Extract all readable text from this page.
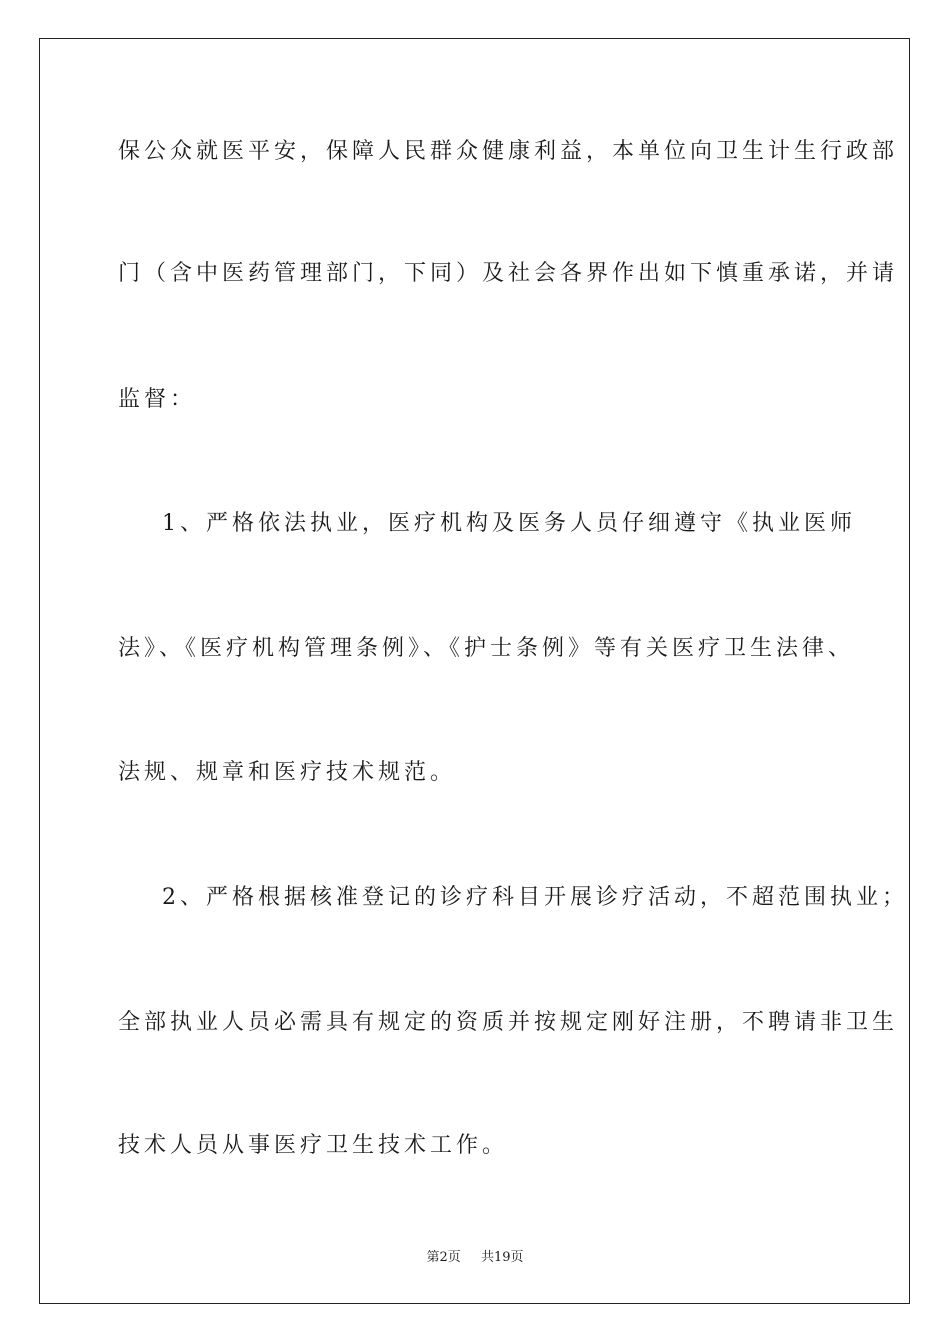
保公众就医平安，保障人民群众健康利益，本单位向卫生计生行政部

门（含中医药管理部门，下同）及社会各界作出如下慎重承诺，并请

监督：

1、严格依法执业，医疗机构及医务人员仔细遵守《执业医师

法》、《医疗机构管理条例》、《护士条例》等有关医疗卫生法律、

法规、规章和医疗技术规范。

2、严格根据核准登记的诊疗科目开展诊疗活动，不超范围执业；

全部执业人员必需具有规定的资质并按规定刚好注册，不聘请非卫生

技术人员从事医疗卫生技术工作。

第2页 共19页
